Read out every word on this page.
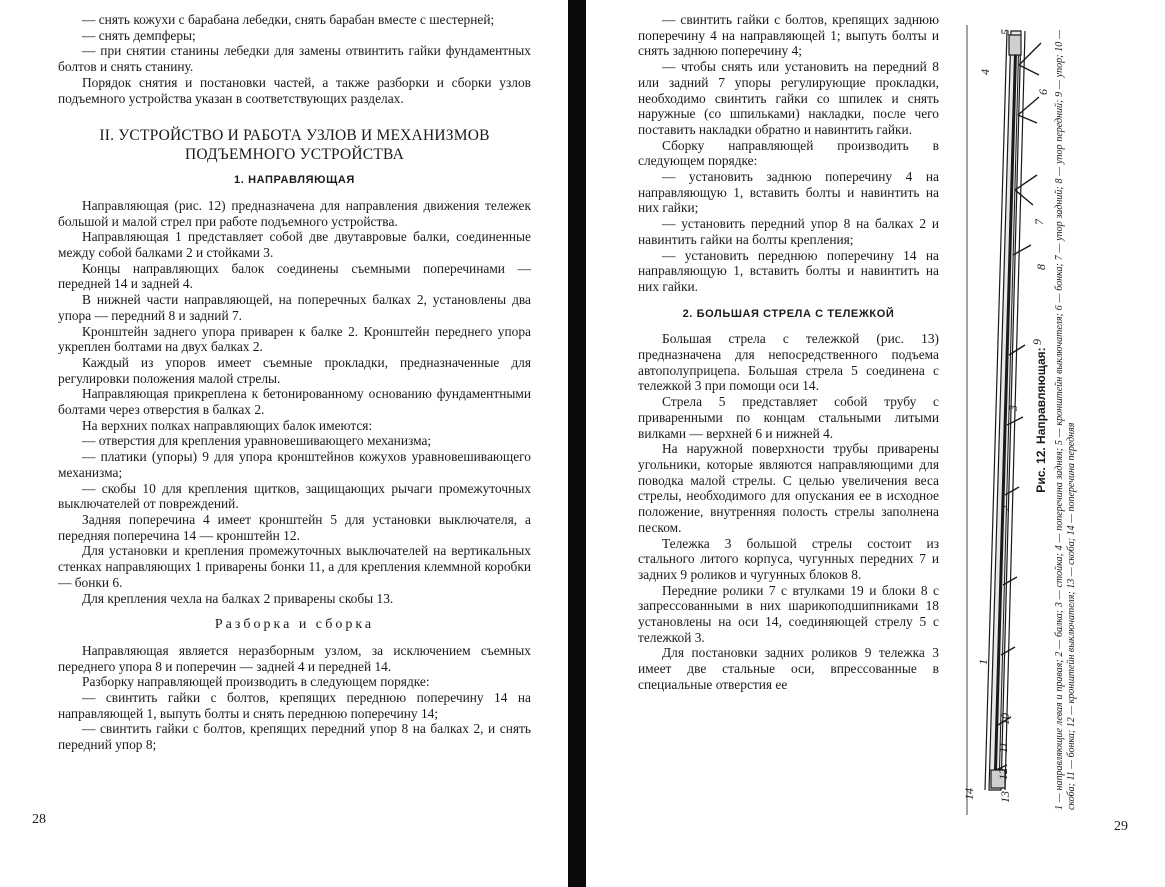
— снять кожухи с барабана лебедки, снять барабан вместе с шестерней;

— снять демпферы;

— при снятии станины лебедки для замены отвинтить гайки фундаментных болтов и снять станину.

Порядок снятия и постановки частей, а также разборки и сборки узлов подъемного устройства указан в соответствующих разделах.

II. УСТРОЙСТВО И РАБОТА УЗЛОВ И МЕХАНИЗМОВ ПОДЪЕМНОГО УСТРОЙСТВА
1. НАПРАВЛЯЮЩАЯ

Направляющая (рис. 12) предназначена для направления движения тележек большой и малой стрел при работе подъемного устройства.

Направляющая 1 представляет собой две двутавровые балки, соединенные между собой балками 2 и стойками 3.

Концы направляющих балок соединены съемными поперечинами — передней 14 и задней 4.

В нижней части направляющей, на поперечных балках 2, установлены два упора — передний 8 и задний 7.

Кронштейн заднего упора приварен к балке 2. Кронштейн переднего упора укреплен болтами на двух балках 2.

Каждый из упоров имеет съемные прокладки, предназначенные для регулировки положения малой стрелы.

Направляющая прикреплена к бетонированному основанию фундаментными болтами через отверстия в балках 2.

На верхних полках направляющих балок имеются:

— отверстия для крепления уравновешивающего механизма;

— платики (упоры) 9 для упора кронштейнов кожухов уравновешивающего механизма;

— скобы 10 для крепления щитков, защищающих рычаги промежуточных выключателей от повреждений.

Задняя поперечина 4 имеет кронштейн 5 для установки выключателя, а передняя поперечина 14 — кронштейн 12.

Для установки и крепления промежуточных выключателей на вертикальных стенках направляющих 1 приварены бонки 11, а для крепления клеммной коробки — бонки 6.

Для крепления чехла на балках 2 приварены скобы 13.

Разборка и сборка

Направляющая является неразборным узлом, за исключением съемных переднего упора 8 и поперечин — задней 4 и передней 14.

Разборку направляющей производить в следующем порядке:

— свинтить гайки с болтов, крепящих переднюю поперечину 14 на направляющей 1, выпуть болты и снять переднюю поперечину 14;

— свинтить гайки с болтов, крепящих передний упор 8 на балках 2, и снять передний упор 8;

28

— свинтить гайки с болтов, крепящих заднюю поперечину 4 на направляющей 1; выпуть болты и снять заднюю поперечину 4;

— чтобы снять или установить на передний 8 или задний 7 упоры регулирующие прокладки, необходимо свинтить гайки со шпилек и снять наружные (со шпильками) накладки, после чего поставить накладки обратно и навинтить гайки.

Сборку направляющей производить в следующем порядке:

— установить заднюю поперечину 4 на направляющую 1, вставить болты и навинтить на них гайки;

— установить передний упор 8 на балках 2 и навинтить гайки на болты крепления;

— установить переднюю поперечину 14 на направляющую 1, вставить болты и навинтить на них гайки.

2. БОЛЬШАЯ СТРЕЛА С ТЕЛЕЖКОЙ

Большая стрела с тележкой (рис. 13) предназначена для непосредственного подъема автополуприцепа. Большая стрела 5 соединена с тележкой 3 при помощи оси 14.

Стрела 5 представляет собой трубу с приваренными по концам стальными литыми вилками — верхней 6 и нижней 4.

На наружной поверхности трубы приварены угольники, которые являются направляющими для поводка малой стрелы. С целью увеличения веса стрелы, необходимого для опускания ее в исходное положение, внутренняя полость стрелы заполнена песком.

Тележка 3 большой стрелы состоит из стального литого корпуса, чугунных передних 7 и задних 9 роликов и чугунных блоков 8.

Передние ролики 7 с втулками 19 и блоки 8 с запрессованными в них шарикоподшипниками 18 установлены на оси 14, соединяющей стрелу 5 с тележкой 3.

Для постановки задних роликов 9 тележка 3 имеет две стальные оси, впрессованные в специальные отверстия ее

5
4
6
7
8
9
3
2
1
10
11
12
13
14
Рис. 12. Направляющая: 1 — направляющие левая и правая; 2 — балка; 3 — стойка; 4 — поперечина задняя; 5 — кронштейн выключателя; 6 — бонка; 7 — упор задний; 8 — упор передний; 9 — упор; 10 — скоба; 11 — бонка; 12 — кронштейн выключателя; 13 — скоба; 14 — поперечина передняя
29
